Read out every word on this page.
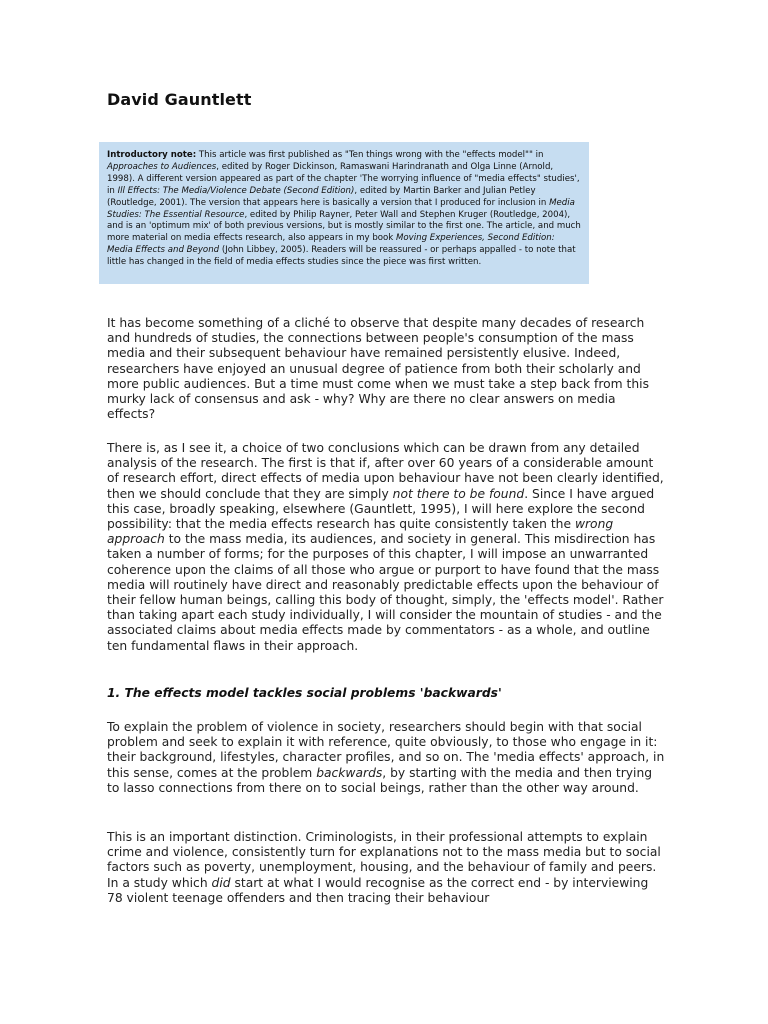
David Gauntlett

Introductory note: This article was first published as "Ten things wrong with the "effects model"" in Approaches to Audiences, edited by Roger Dickinson, Ramaswani Harindranath and Olga Linne (Arnold, 1998). A different version appeared as part of the chapter 'The worrying influence of "media effects" studies', in Ill Effects: The Media/Violence Debate (Second Edition), edited by Martin Barker and Julian Petley (Routledge, 2001). The version that appears here is basically a version that I produced for inclusion in Media Studies: The Essential Resource, edited by Philip Rayner, Peter Wall and Stephen Kruger (Routledge, 2004), and is an 'optimum mix' of both previous versions, but is mostly similar to the first one. The article, and much more material on media effects research, also appears in my book Moving Experiences, Second Edition: Media Effects and Beyond (John Libbey, 2005). Readers will be reassured - or perhaps appalled - to note that little has changed in the field of media effects studies since the piece was first written.

It has become something of a cliché to observe that despite many decades of research and hundreds of studies, the connections between people's consumption of the mass media and their subsequent behaviour have remained persistently elusive. Indeed, researchers have enjoyed an unusual degree of patience from both their scholarly and more public audiences. But a time must come when we must take a step back from this murky lack of consensus and ask - why? Why are there no clear answers on media effects?

There is, as I see it, a choice of two conclusions which can be drawn from any detailed analysis of the research. The first is that if, after over 60 years of a considerable amount of research effort, direct effects of media upon behaviour have not been clearly identified, then we should conclude that they are simply not there to be found. Since I have argued this case, broadly speaking, elsewhere (Gauntlett, 1995), I will here explore the second possibility: that the media effects research has quite consistently taken the wrong approach to the mass media, its audiences, and society in general. This misdirection has taken a number of forms; for the purposes of this chapter, I will impose an unwarranted coherence upon the claims of all those who argue or purport to have found that the mass media will routinely have direct and reasonably predictable effects upon the behaviour of their fellow human beings, calling this body of thought, simply, the 'effects model'. Rather than taking apart each study individually, I will consider the mountain of studies - and the associated claims about media effects made by commentators - as a whole, and outline ten fundamental flaws in their approach.

1. The effects model tackles social problems 'backwards'

To explain the problem of violence in society, researchers should begin with that social problem and seek to explain it with reference, quite obviously, to those who engage in it: their background, lifestyles, character profiles, and so on. The 'media effects' approach, in this sense, comes at the problem backwards, by starting with the media and then trying to lasso connections from there on to social beings, rather than the other way around.

This is an important distinction. Criminologists, in their professional attempts to explain crime and violence, consistently turn for explanations not to the mass media but to social factors such as poverty, unemployment, housing, and the behaviour of family and peers. In a study which did start at what I would recognise as the correct end - by interviewing 78 violent teenage offenders and then tracing their behaviour
